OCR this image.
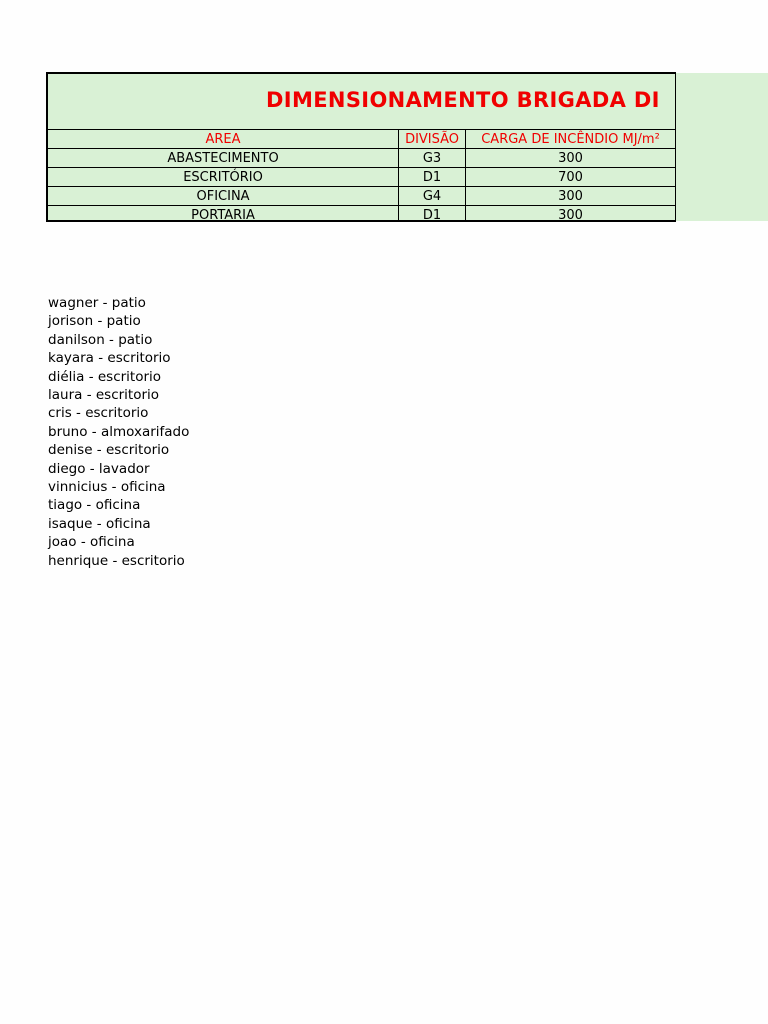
DIMENSIONAMENTO BRIGADA DI
AREA	DIVISÃO	CARGA DE INCÊNDIO MJ/m²
ABASTECIMENTO	G3	300
ESCRITÓRIO	D1	700
OFICINA	G4	300
PORTARIA	D1	300
wagner - patio
jorison - patio
danilson - patio
kayara - escritorio
diélia - escritorio
laura - escritorio
cris - escritorio
bruno - almoxarifado
denise - escritorio
diego - lavador
vinnicius - oficina
tiago - oficina
isaque - oficina
joao - oficina
henrique - escritorio
